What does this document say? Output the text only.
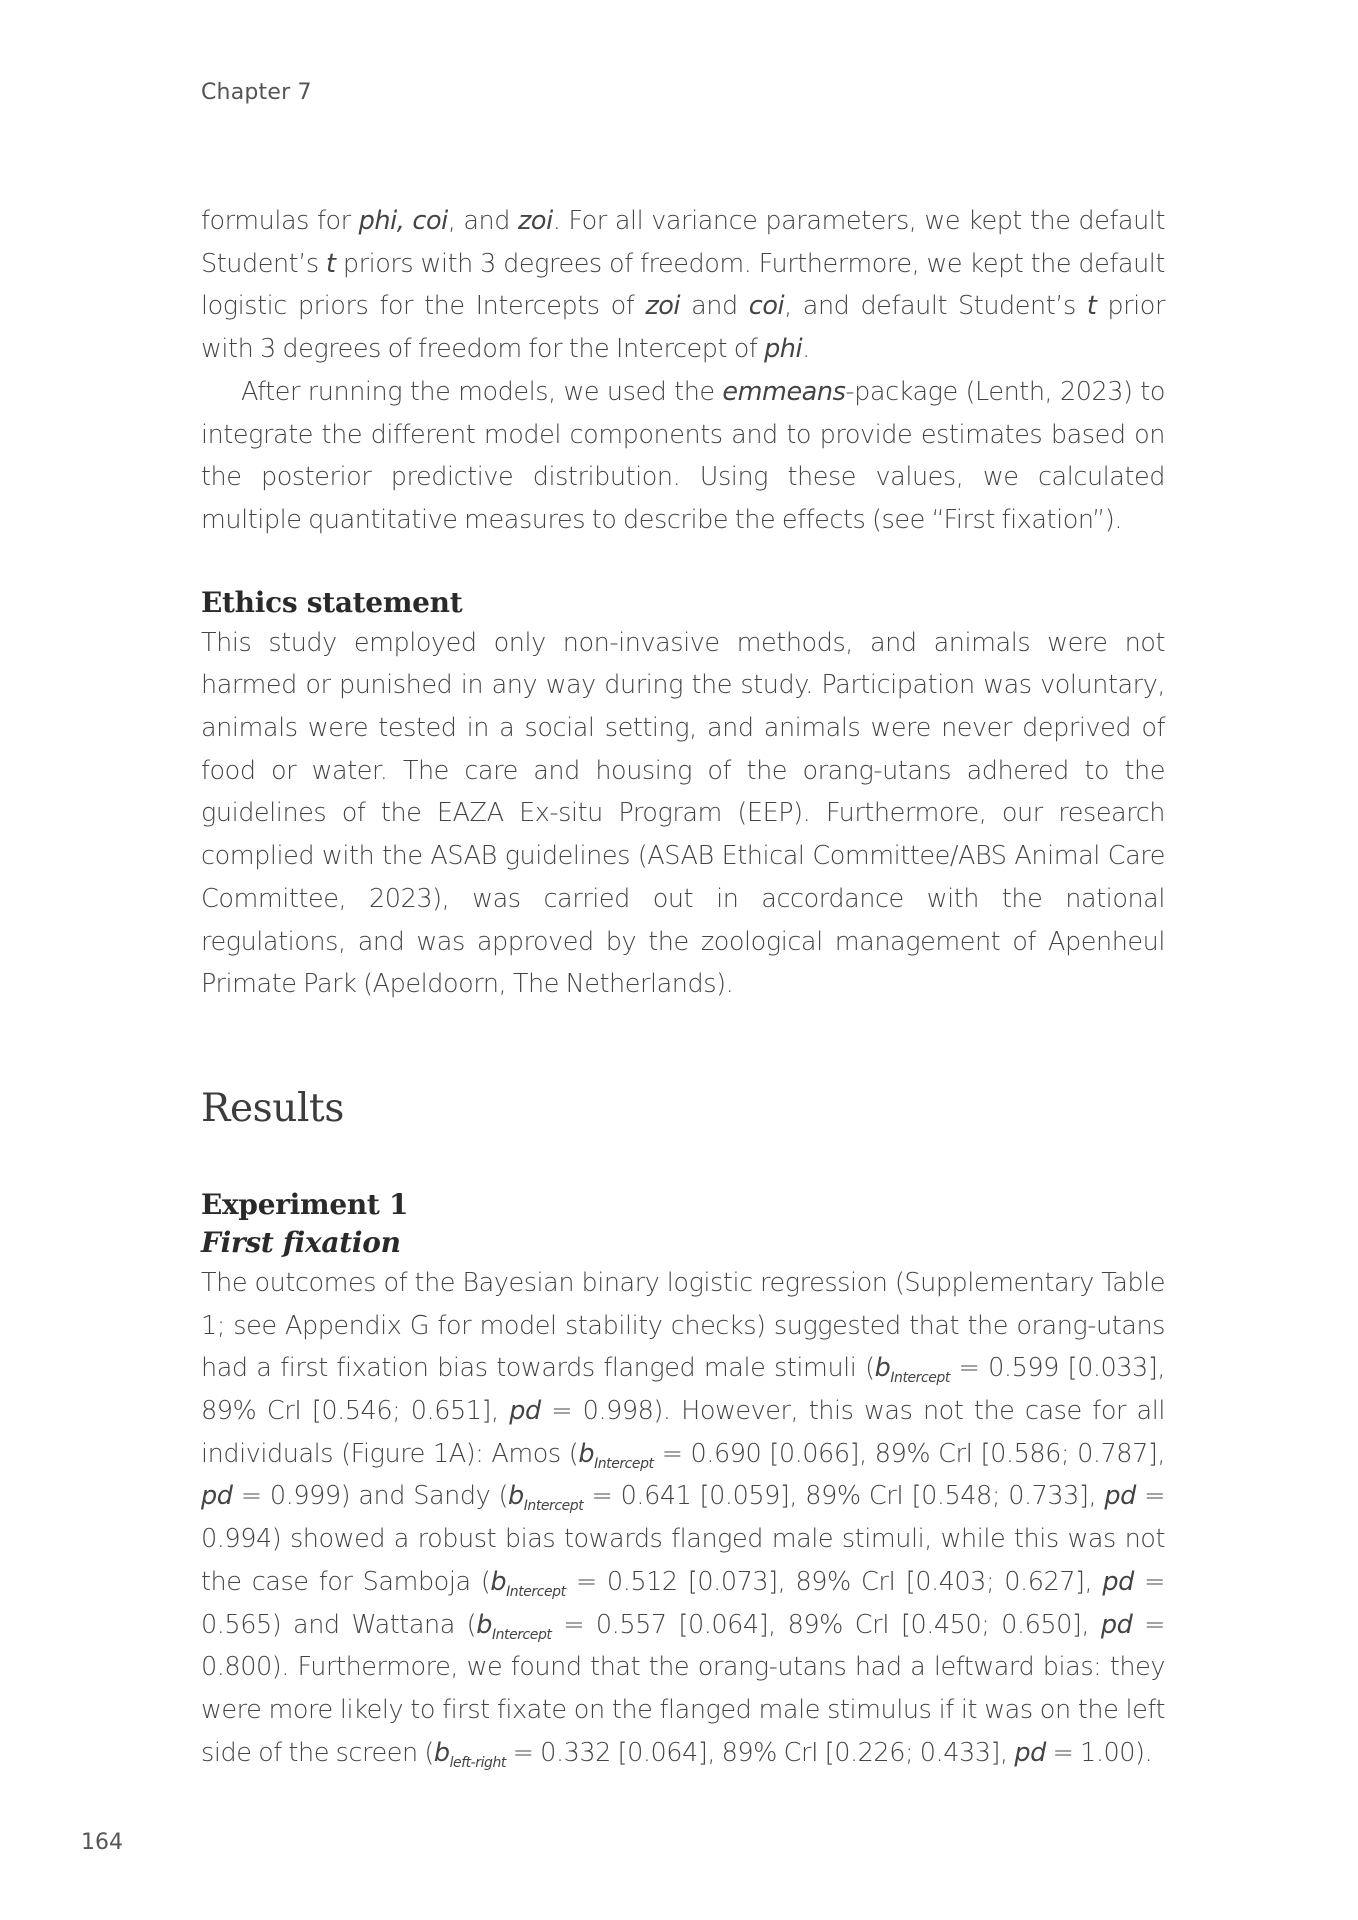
Chapter 7

formulas for phi, coi, and zoi. For all variance parameters, we kept the default Student’s t priors with 3 degrees of freedom. Furthermore, we kept the default logistic priors for the Intercepts of zoi and coi, and default Student’s t prior with 3 degrees of freedom for the Intercept of phi.

After running the models, we used the emmeans-package (Lenth, 2023) to integrate the different model components and to provide estimates based on the posterior predictive distribution. Using these values, we calculated multiple quantitative measures to describe the effects (see “First fixation”).

Ethics statement

This study employed only non-invasive methods, and animals were not harmed or punished in any way during the study. Participation was voluntary, animals were tested in a social setting, and animals were never deprived of food or water. The care and housing of the orang-utans adhered to the guidelines of the EAZA Ex-situ Program (EEP). Furthermore, our research complied with the ASAB guidelines (ASAB Ethical Committee/ABS Animal Care Committee, 2023), was carried out in accordance with the national regulations, and was approved by the zoological management of Apenheul Primate Park (Apeldoorn, The Netherlands).

Results
Experiment 1
First fixation

The outcomes of the Bayesian binary logistic regression (Supplementary Table 1; see Appendix G for model stability checks) suggested that the orang-utans had a first fixation bias towards flanged male stimuli ($b_{Intercept} = 0.599$ [0.033], 89% CrI [0.546; 0.651], pd = 0.998). However, this was not the case for all individuals (Figure 1A): Amos ($b_{Intercept} = 0.690$ [0.066], 89% CrI [0.586; 0.787], pd = 0.999) and Sandy ($b_{Intercept} = 0.641$ [0.059], 89% CrI [0.548; 0.733], pd = 0.994) showed a robust bias towards flanged male stimuli, while this was not the case for Samboja ($b_{Intercept} = 0.512$ [0.073], 89% CrI [0.403; 0.627], pd = 0.565) and Wattana ($b_{Intercept} = 0.557$ [0.064], 89% CrI [0.450; 0.650], pd = 0.800). Furthermore, we found that the orang-utans had a leftward bias: they were more likely to first fixate on the flanged male stimulus if it was on the left side of the screen ($b_{left-right} = 0.332$ [0.064], 89% CrI [0.226; 0.433], pd = 1.00).

164
